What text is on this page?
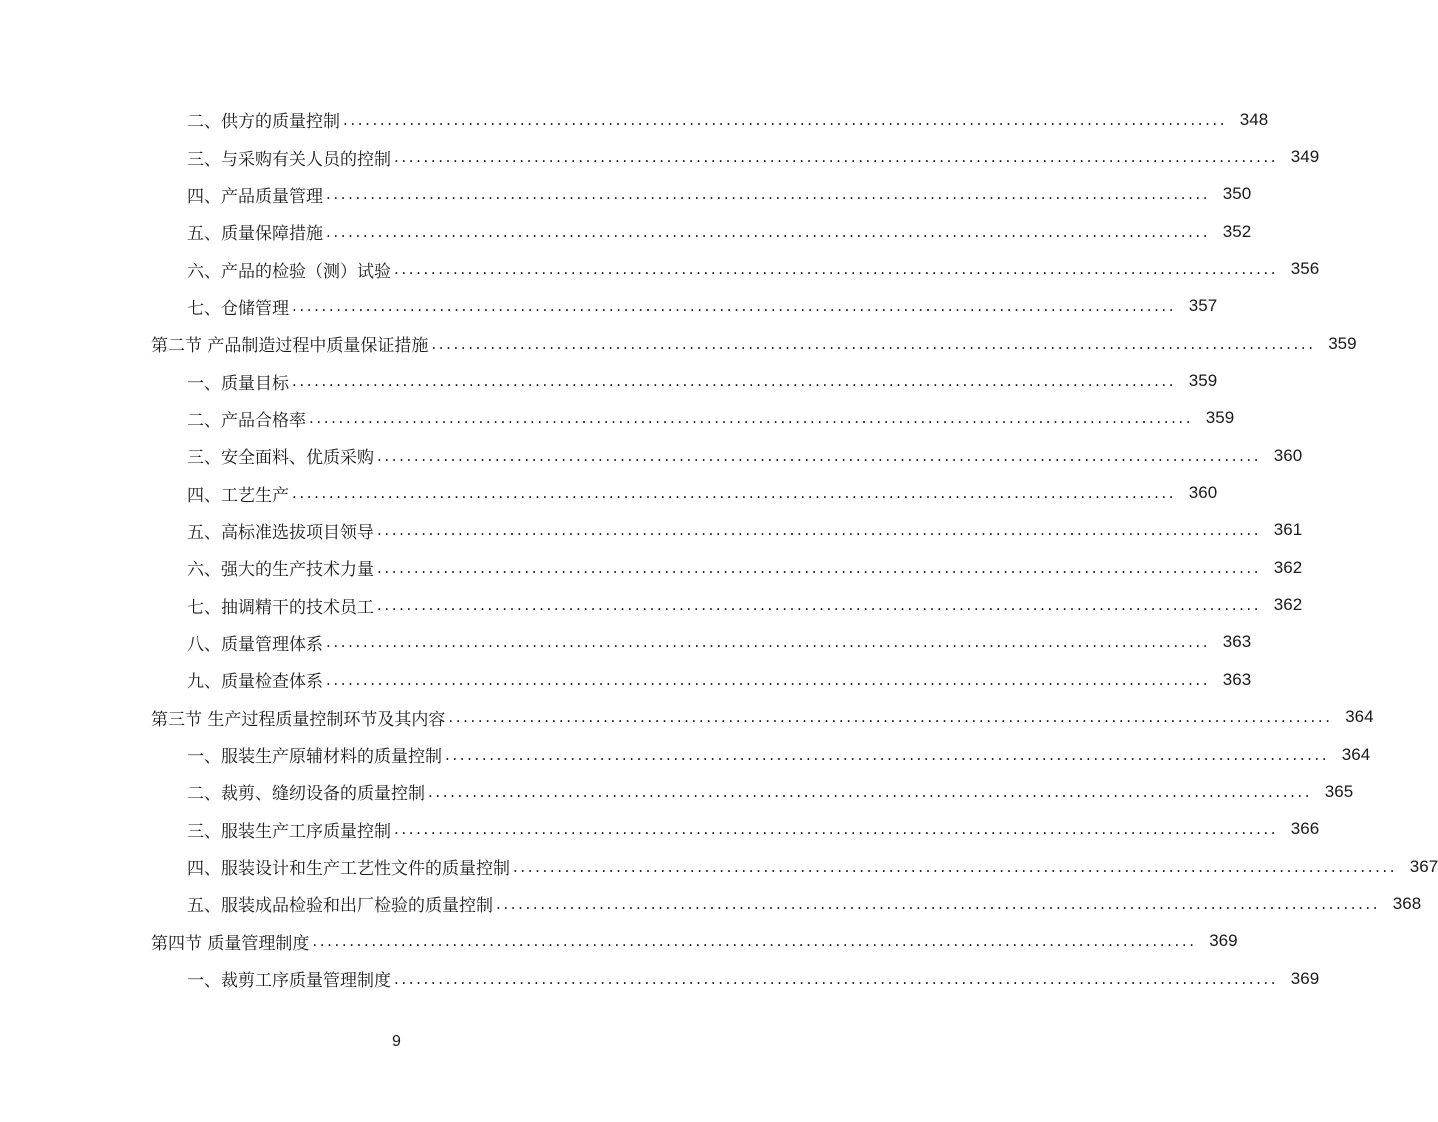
二、供方的质量控制 ........................................................................................................................ 348
三、与采购有关人员的控制 ........................................................................................................................ 349
四、产品质量管理 ........................................................................................................................ 350
五、质量保障措施 ........................................................................................................................ 352
六、产品的检验（测）试验 ........................................................................................................................ 356
七、仓储管理 ........................................................................................................................ 357
第二节 产品制造过程中质量保证措施 ........................................................................................................................ 359
一、质量目标 ........................................................................................................................ 359
二、产品合格率 ........................................................................................................................ 359
三、安全面料、优质采购 ........................................................................................................................ 360
四、工艺生产 ........................................................................................................................ 360
五、高标准选拔项目领导 ........................................................................................................................ 361
六、强大的生产技术力量 ........................................................................................................................ 362
七、抽调精干的技术员工 ........................................................................................................................ 362
八、质量管理体系 ........................................................................................................................ 363
九、质量检查体系 ........................................................................................................................ 363
第三节 生产过程质量控制环节及其内容 ........................................................................................................................ 364
一、服装生产原辅材料的质量控制 ........................................................................................................................ 364
二、裁剪、缝纫设备的质量控制 ........................................................................................................................ 365
三、服装生产工序质量控制 ........................................................................................................................ 366
四、服装设计和生产工艺性文件的质量控制 ........................................................................................................................ 367
五、服装成品检验和出厂检验的质量控制 ........................................................................................................................ 368
第四节 质量管理制度 ........................................................................................................................ 369
一、裁剪工序质量管理制度 ........................................................................................................................ 369
9
